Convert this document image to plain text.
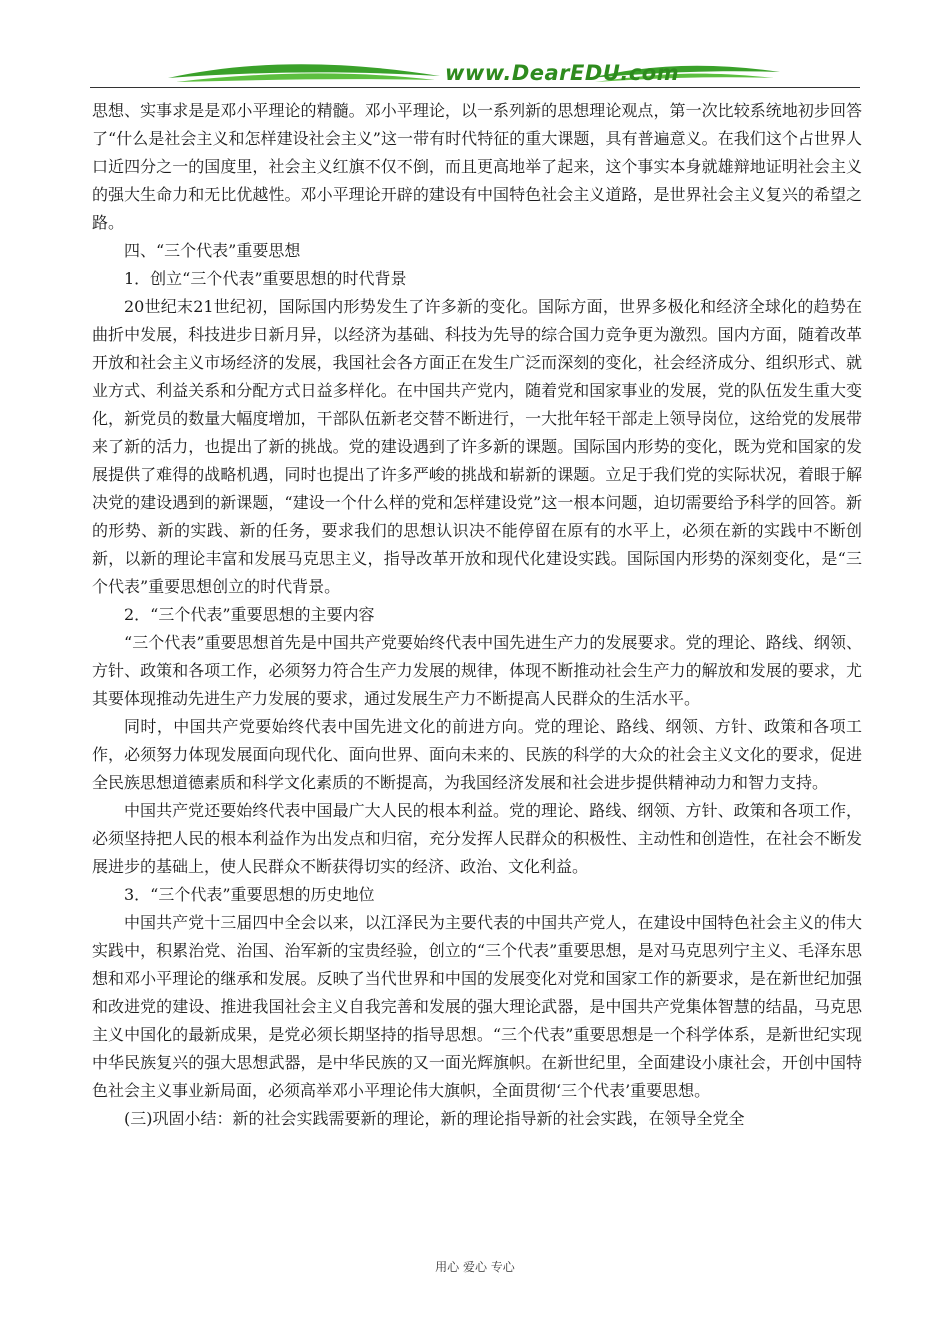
www.DearEDU.com

思想、实事求是是邓小平理论的精髓。邓小平理论，以一系列新的思想理论观点，第一次比较系统地初步回答了“什么是社会主义和怎样建设社会主义”这一带有时代特征的重大课题，具有普遍意义。在我们这个占世界人口近四分之一的国度里，社会主义红旗不仅不倒，而且更高地举了起来，这个事实本身就雄辩地证明社会主义的强大生命力和无比优越性。邓小平理论开辟的建设有中国特色社会主义道路，是世界社会主义复兴的希望之路。

四、“三个代表”重要思想

1．创立“三个代表”重要思想的时代背景

20世纪末21世纪初，国际国内形势发生了许多新的变化。国际方面，世界多极化和经济全球化的趋势在曲折中发展，科技进步日新月异，以经济为基础、科技为先导的综合国力竞争更为激烈。国内方面，随着改革开放和社会主义市场经济的发展，我国社会各方面正在发生广泛而深刻的变化，社会经济成分、组织形式、就业方式、利益关系和分配方式日益多样化。在中国共产党内，随着党和国家事业的发展，党的队伍发生重大变化，新党员的数量大幅度增加，干部队伍新老交替不断进行，一大批年轻干部走上领导岗位，这给党的发展带来了新的活力，也提出了新的挑战。党的建设遇到了许多新的课题。国际国内形势的变化，既为党和国家的发展提供了难得的战略机遇，同时也提出了许多严峻的挑战和崭新的课题。立足于我们党的实际状况，着眼于解决党的建设遇到的新课题，“建设一个什么样的党和怎样建设党”这一根本问题，迫切需要给予科学的回答。新的形势、新的实践、新的任务，要求我们的思想认识决不能停留在原有的水平上，必须在新的实践中不断创新，以新的理论丰富和发展马克思主义，指导改革开放和现代化建设实践。国际国内形势的深刻变化，是“三个代表”重要思想创立的时代背景。

2．“三个代表”重要思想的主要内容

“三个代表”重要思想首先是中国共产党要始终代表中国先进生产力的发展要求。党的理论、路线、纲领、方针、政策和各项工作，必须努力符合生产力发展的规律，体现不断推动社会生产力的解放和发展的要求，尤其要体现推动先进生产力发展的要求，通过发展生产力不断提高人民群众的生活水平。

同时，中国共产党要始终代表中国先进文化的前进方向。党的理论、路线、纲领、方针、政策和各项工作，必须努力体现发展面向现代化、面向世界、面向未来的、民族的科学的大众的社会主义文化的要求，促进全民族思想道德素质和科学文化素质的不断提高，为我国经济发展和社会进步提供精神动力和智力支持。

中国共产党还要始终代表中国最广大人民的根本利益。党的理论、路线、纲领、方针、政策和各项工作，必须坚持把人民的根本利益作为出发点和归宿，充分发挥人民群众的积极性、主动性和创造性，在社会不断发展进步的基础上，使人民群众不断获得切实的经济、政治、文化利益。

3．“三个代表”重要思想的历史地位

中国共产党十三届四中全会以来，以江泽民为主要代表的中国共产党人，在建设中国特色社会主义的伟大实践中，积累治党、治国、治军新的宝贵经验，创立的“三个代表”重要思想，是对马克思列宁主义、毛泽东思想和邓小平理论的继承和发展。反映了当代世界和中国的发展变化对党和国家工作的新要求，是在新世纪加强和改进党的建设、推进我国社会主义自我完善和发展的强大理论武器，是中国共产党集体智慧的结晶，马克思主义中国化的最新成果，是党必须长期坚持的指导思想。“三个代表”重要思想是一个科学体系，是新世纪实现中华民族复兴的强大思想武器，是中华民族的又一面光辉旗帜。在新世纪里，全面建设小康社会，开创中国特色社会主义事业新局面，必须高举邓小平理论伟大旗帜，全面贯彻‘三个代表’重要思想。

(三)巩固小结：新的社会实践需要新的理论，新的理论指导新的社会实践，在领导全党全

用心 爱心 专心
